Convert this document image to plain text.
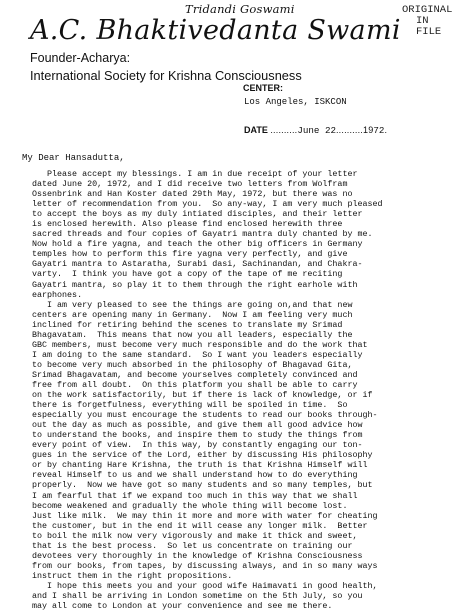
Tridandi Goswami	ORIGINAL
IN FILE
A.C. Bhaktivedanta Swami
Founder-Acharya:
International Society for Krishna Consciousness
CENTER:
Los Angeles, ISKCON
DATE ..........June 22..........1972.
My Dear Hansadutta,
Please accept my blessings. I am in due receipt of your letter
dated June 20, 1972, and I did receive two letters from Wolfram
Ossenbrink and Han Koster dated 29th May, 1972, but there was no
letter of recommendation from you.  So any-way, I am very much pleased
to accept the boys as my duly intiated disciples, and their letter
is enclosed herewith. Also please find enclosed herewith three
sacred threads and four copies of Gayatri mantra duly chanted by me.
Now hold a fire yagna, and teach the other big officers in Germany
temples how to perform this fire yagna very perfectly, and give
Gayatri mantra to Astaratha, Surabi dasi, Sachinandan, and Chakra-
varty.  I think you have got a copy of the tape of me reciting
Gayatri mantra, so play it to them through the right earhole with
earphones.
I am very pleased to see the things are going on,and that new
centers are opening many in Germany.  Now I am feeling very much
inclined for retiring behind the scenes to translate my Srimad
Bhagavatam.  This means that now you all leaders, especially the
GBC members, must become very much responsible and do the work that
I am doing to the same standard.  So I want you leaders especially
to become very much absorbed in the philosophy of Bhagavad Gita,
Srimad Bhagavatam, and become yourselves completely convinced and
free from all doubt.  On this platform you shall be able to carry
on the work satisfactorily, but if there is lack of knowledge, or if
there is forgetfulness, everything will be spoiled in time.  So
especially you must encourage the students to read our books through-
out the day as much as possible, and give them all good advice how
to understand the books, and inspire them to study the things from
every point of view.  In this way, by constantly engaging our ton-
gues in the service of the Lord, either by discussing His philosophy
or by chanting Hare Krishna, the truth is that Krishna Himself will
reveal Himself to us and we shall understand how to do everything
properly.  Now we have got so many students and so many temples, but
I am fearful that if we expand too much in this way that we shall
become weakened and gradually the whole thing will become lost.
Just like milk.  We may thin it more and more with water for cheating
the customer, but in the end it will cease any longer milk.  Better
to boil the milk now very vigorously and make it thick and sweet,
that is the best process.  So let us concentrate on training our
devotees very thoroughly in the knowledge of Krishna Consciousness
from our books, from tapes, by discussing always, and in so many ways
instruct them in the right propositions.
I hope this meets you and your good wife Haimavati in good health,
and I shall be arriving in London sometime on the 5th July, so you
may all come to London at your convenience and see me there.
